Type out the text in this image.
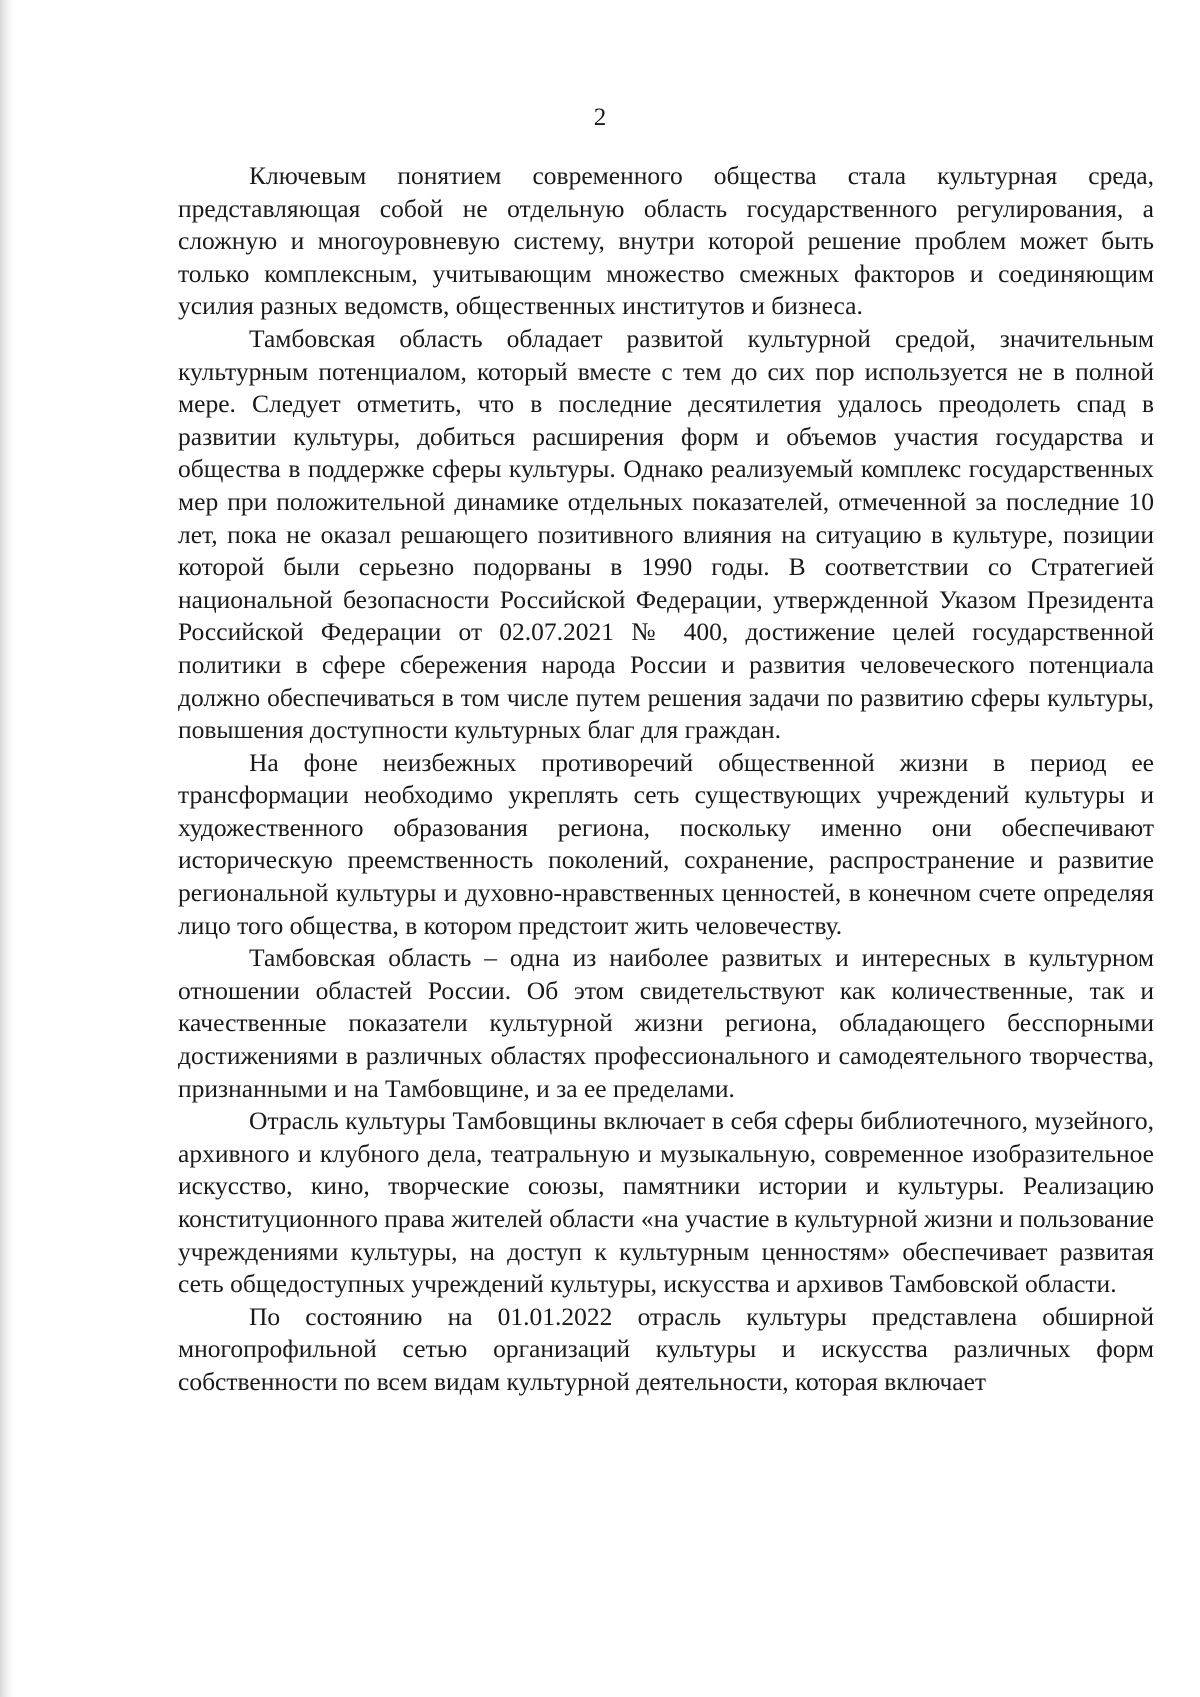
2

Ключевым понятием современного общества стала культурная среда, представляющая собой не отдельную область государственного регулирования, а сложную и многоуровневую систему, внутри которой решение проблем может быть только комплексным, учитывающим множество смежных факторов и соединяющим усилия разных ведомств, общественных институтов и бизнеса.

Тамбовская область обладает развитой культурной средой, значительным культурным потенциалом, который вместе с тем до сих пор используется не в полной мере. Следует отметить, что в последние десятилетия удалось преодолеть спад в развитии культуры, добиться расширения форм и объемов участия государства и общества в поддержке сферы культуры. Однако реализуемый комплекс государственных мер при положительной динамике отдельных показателей, отмеченной за последние 10 лет, пока не оказал решающего позитивного влияния на ситуацию в культуре, позиции которой были серьезно подорваны в 1990 годы. В соответствии со Стратегией национальной безопасности Российской Федерации, утвержденной Указом Президента Российской Федерации от 02.07.2021 № 400, достижение целей государственной политики в сфере сбережения народа России и развития человеческого потенциала должно обеспечиваться в том числе путем решения задачи по развитию сферы культуры, повышения доступности культурных благ для граждан.

На фоне неизбежных противоречий общественной жизни в период ее трансформации необходимо укреплять сеть существующих учреждений культуры и художественного образования региона, поскольку именно они обеспечивают историческую преемственность поколений, сохранение, распространение и развитие региональной культуры и духовно-нравственных ценностей, в конечном счете определяя лицо того общества, в котором предстоит жить человечеству.

Тамбовская область – одна из наиболее развитых и интересных в культурном отношении областей России. Об этом свидетельствуют как количественные, так и качественные показатели культурной жизни региона, обладающего бесспорными достижениями в различных областях профессионального и самодеятельного творчества, признанными и на Тамбовщине, и за ее пределами.

Отрасль культуры Тамбовщины включает в себя сферы библиотечного, музейного, архивного и клубного дела, театральную и музыкальную, современное изобразительное искусство, кино, творческие союзы, памятники истории и культуры. Реализацию конституционного права жителей области «на участие в культурной жизни и пользование учреждениями культуры, на доступ к культурным ценностям» обеспечивает развитая сеть общедоступных учреждений культуры, искусства и архивов Тамбовской области.

По состоянию на 01.01.2022 отрасль культуры представлена обширной многопрофильной сетью организаций культуры и искусства различных форм собственности по всем видам культурной деятельности, которая включает
